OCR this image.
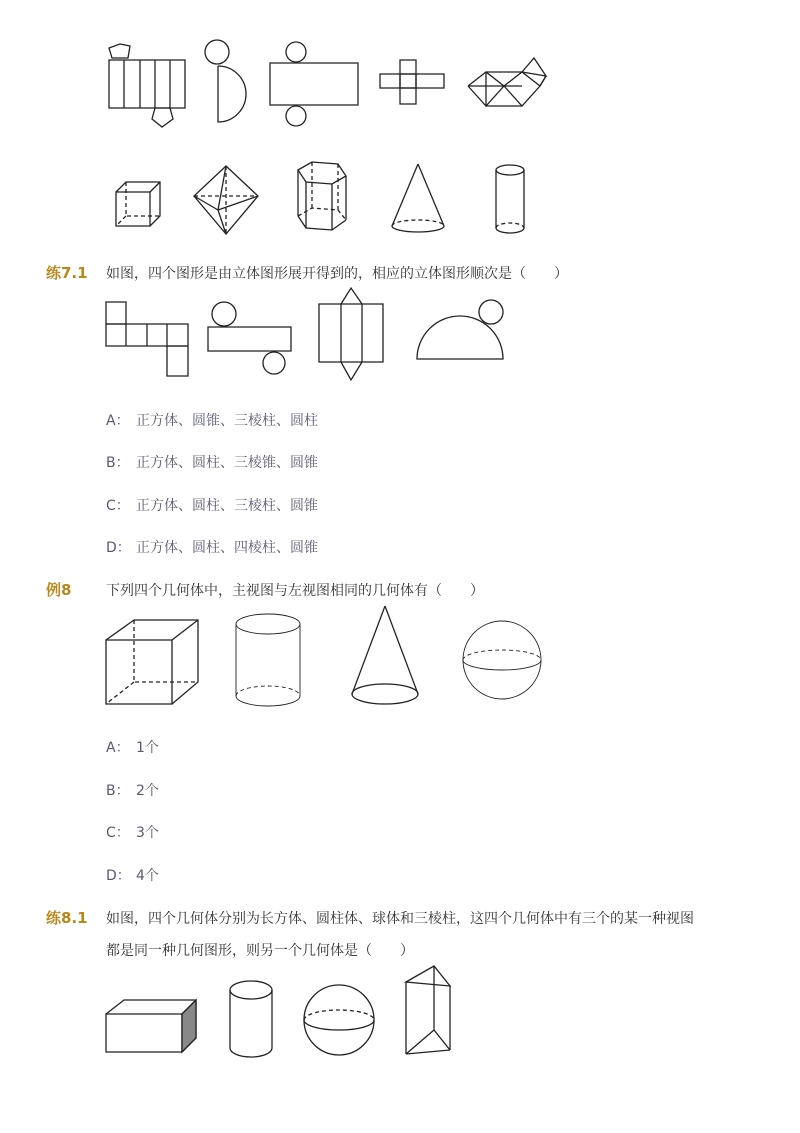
练7.1 如图，四个图形是由立体图形展开得到的，相应的立体图形顺次是（　　）
A： 正方体、圆锥、三棱柱、圆柱
B： 正方体、圆柱、三棱锥、圆锥
C： 正方体、圆柱、三棱柱、圆锥
D： 正方体、圆柱、四棱柱、圆锥
例8 下列四个几何体中，主视图与左视图相同的几何体有（　　）
A： 1个
B： 2个
C： 3个
D： 4个
练8.1 如图，四个几何体分别为长方体、圆柱体、球体和三棱柱，这四个几何体中有三个的某一种视图
都是同一种几何图形，则另一个几何体是（　　）
